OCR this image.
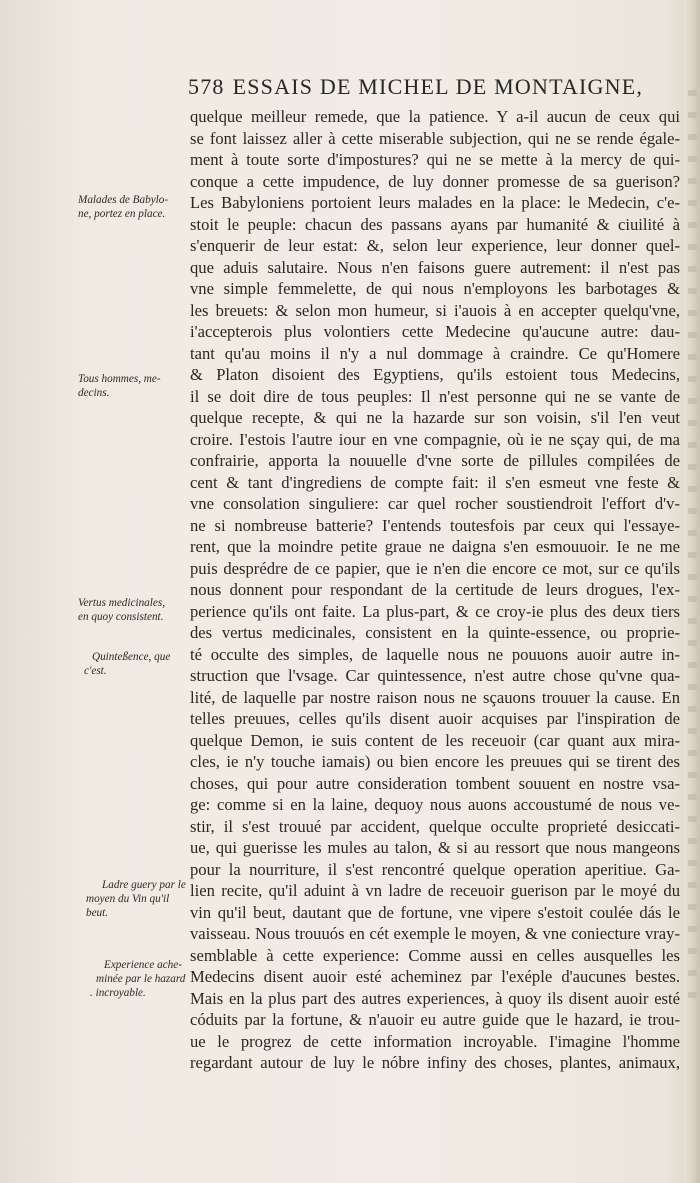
578 ESSAIS DE MICHEL DE MONTAIGNE,
quelque meilleur remede, que la patience. Y a-il aucun de ceux qui
se font laissez aller à cette miserable subjection, qui ne se rende égale-
ment à toute sorte d'impostures? qui ne se mette à la mercy de qui-
conque a cette impudence, de luy donner promesse de sa guerison?
Les Babyloniens portoient leurs malades en la place: le Medecin, c'e-
stoit le peuple: chacun des passans ayans par humanité & ciuilité à
s'enquerir de leur estat: &, selon leur experience, leur donner quel-
que aduis salutaire. Nous n'en faisons guere autrement: il n'est pas
vne simple femmelette, de qui nous n'employons les barbotages &
les breuets: & selon mon humeur, si i'auois à en accepter quelqu'vne,
i'accepterois plus volontiers cette Medecine qu'aucune autre: dau-
tant qu'au moins il n'y a nul dommage à craindre. Ce qu'Homere
& Platon disoient des Egyptiens, qu'ils estoient tous Medecins,
il se doit dire de tous peuples: Il n'est personne qui ne se vante de
quelque recepte, & qui ne la hazarde sur son voisin, s'il l'en veut
croire. I'estois l'autre iour en vne compagnie, où ie ne sçay qui, de ma
confrairie, apporta la nouuelle d'vne sorte de pillules compilées de
cent & tant d'ingrediens de compte fait: il s'en esmeut vne feste &
vne consolation singuliere: car quel rocher soustiendroit l'effort d'v-
ne si nombreuse batterie? I'entends toutesfois par ceux qui l'essaye-
rent, que la moindre petite graue ne daigna s'en esmouuoir. Ie ne me
puis desprédre de ce papier, que ie n'en die encore ce mot, sur ce qu'ils
nous donnent pour respondant de la certitude de leurs drogues, l'ex-
perience qu'ils ont faite. La plus-part, & ce croy-ie plus des deux tiers
des vertus medicinales, consistent en la quinte-essence, ou proprie-
té occulte des simples, de laquelle nous ne pouuons auoir autre in-
struction que l'vsage. Car quintessence, n'est autre chose qu'vne qua-
lité, de laquelle par nostre raison nous ne sçauons trouuer la cause. En
telles preuues, celles qu'ils disent auoir acquises par l'inspiration de
quelque Demon, ie suis content de les receuoir (car quant aux mira-
cles, ie n'y touche iamais) ou bien encore les preuues qui se tirent des
choses, qui pour autre consideration tombent souuent en nostre vsa-
ge: comme si en la laine, dequoy nous auons accoustumé de nous ve-
stir, il s'est trouué par accident, quelque occulte proprieté desiccati-
ue, qui guerisse les mules au talon, & si au ressort que nous mangeons
pour la nourriture, il s'est rencontré quelque operation aperitiue. Ga-
lien recite, qu'il aduint à vn ladre de receuoir guerison par le moyé du
vin qu'il beut, dautant que de fortune, vne vipere s'estoit coulée dás le
vaisseau. Nous trouuós en cét exemple le moyen, & vne coniecture vray-
semblable à cette experience: Comme aussi en celles ausquelles les
Medecins disent auoir esté acheminez par l'exéple d'aucunes bestes.
Mais en la plus part des autres experiences, à quoy ils disent auoir esté
códuits par la fortune, & n'auoir eu autre guide que le hazard, ie trou-
ue le progrez de cette information incroyable. I'imagine l'homme
regardant autour de luy le nóbre infiny des choses, plantes, animaux,
Malades de Babylo-
ne, portez en place.
Tous hommes, me-
decins.
Vertus medicinales,
en quoy consistent.
Quinteßence, que
c'est.
Ladre guery par le
moyen du Vin qu'il
beut.
Experience ache-
minée par le hazard
. incroyable.
